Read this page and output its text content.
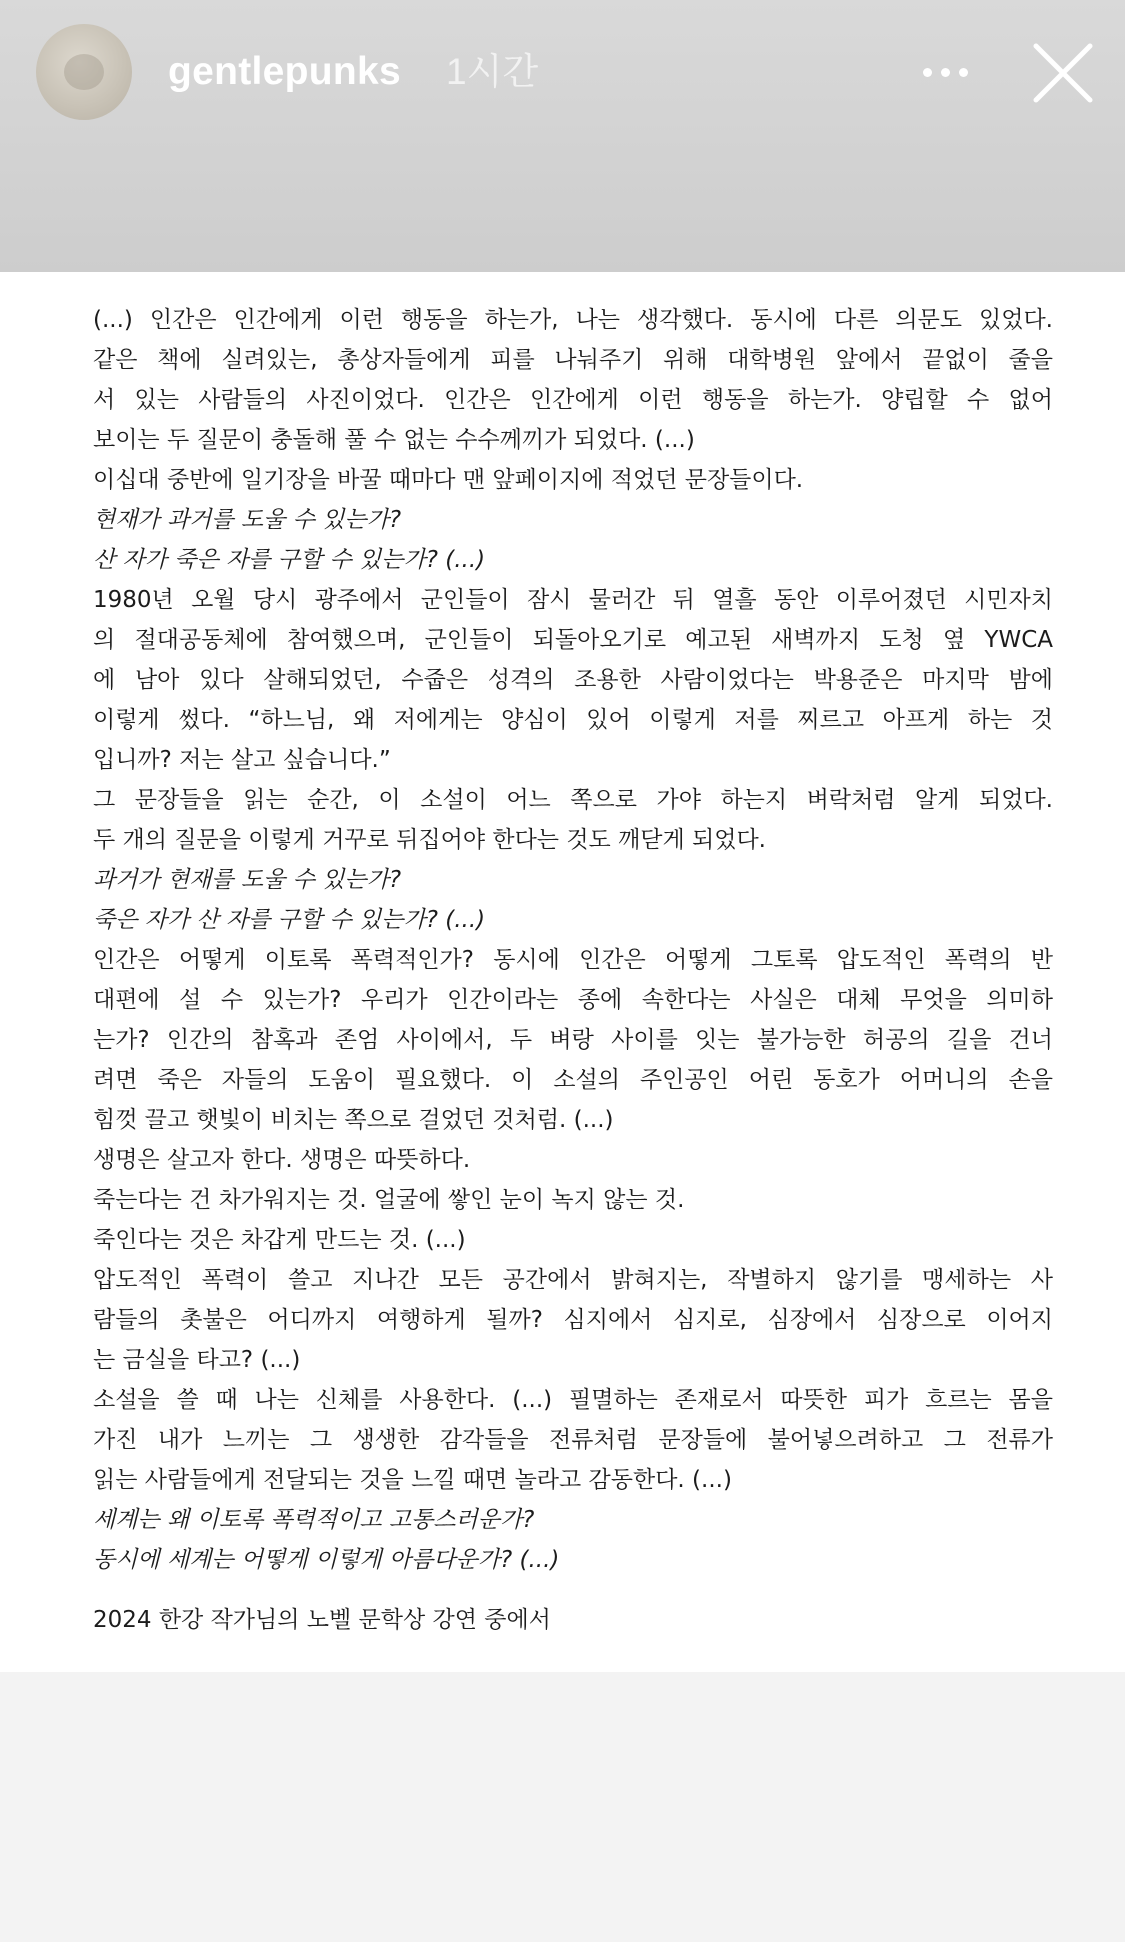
gentlepunks 1시간
(...) 인간은 인간에게 이런 행동을 하는가, 나는 생각했다. 동시에 다른 의문도 있었다.
같은 책에 실려있는, 총상자들에게 피를 나눠주기 위해 대학병원 앞에서 끝없이 줄을
서 있는 사람들의 사진이었다. 인간은 인간에게 이런 행동을 하는가. 양립할 수 없어
보이는 두 질문이 충돌해 풀 수 없는 수수께끼가 되었다. (...)
이십대 중반에 일기장을 바꿀 때마다 맨 앞페이지에 적었던 문장들이다.
현재가 과거를 도울 수 있는가?
산 자가 죽은 자를 구할 수 있는가? (...)
1980년 오월 당시 광주에서 군인들이 잠시 물러간 뒤 열흘 동안 이루어졌던 시민자치
의 절대공동체에 참여했으며, 군인들이 되돌아오기로 예고된 새벽까지 도청 옆 YWCA
에 남아 있다 살해되었던, 수줍은 성격의 조용한 사람이었다는 박용준은 마지막 밤에
이렇게 썼다. “하느님, 왜 저에게는 양심이 있어 이렇게 저를 찌르고 아프게 하는 것
입니까? 저는 살고 싶습니다.”
그 문장들을 읽는 순간, 이 소설이 어느 쪽으로 가야 하는지 벼락처럼 알게 되었다.
두 개의 질문을 이렇게 거꾸로 뒤집어야 한다는 것도 깨닫게 되었다.
과거가 현재를 도울 수 있는가?
죽은 자가 산 자를 구할 수 있는가? (...)
인간은 어떻게 이토록 폭력적인가? 동시에 인간은 어떻게 그토록 압도적인 폭력의 반
대편에 설 수 있는가? 우리가 인간이라는 종에 속한다는 사실은 대체 무엇을 의미하
는가? 인간의 참혹과 존엄 사이에서, 두 벼랑 사이를 잇는 불가능한 허공의 길을 건너
려면 죽은 자들의 도움이 필요했다. 이 소설의 주인공인 어린 동호가 어머니의 손을
힘껏 끌고 햇빛이 비치는 쪽으로 걸었던 것처럼. (...)
생명은 살고자 한다. 생명은 따뜻하다.
죽는다는 건 차가워지는 것. 얼굴에 쌓인 눈이 녹지 않는 것.
죽인다는 것은 차갑게 만드는 것. (...)
압도적인 폭력이 쓸고 지나간 모든 공간에서 밝혀지는, 작별하지 않기를 맹세하는 사
람들의 촛불은 어디까지 여행하게 될까? 심지에서 심지로, 심장에서 심장으로 이어지
는 금실을 타고? (...)
소설을 쓸 때 나는 신체를 사용한다. (...) 필멸하는 존재로서 따뜻한 피가 흐르는 몸을
가진 내가 느끼는 그 생생한 감각들을 전류처럼 문장들에 불어넣으려하고 그 전류가
읽는 사람들에게 전달되는 것을 느낄 때면 놀라고 감동한다. (...)
세계는 왜 이토록 폭력적이고 고통스러운가?
동시에 세계는 어떻게 이렇게 아름다운가? (...)
2024 한강 작가님의 노벨 문학상 강연 중에서
